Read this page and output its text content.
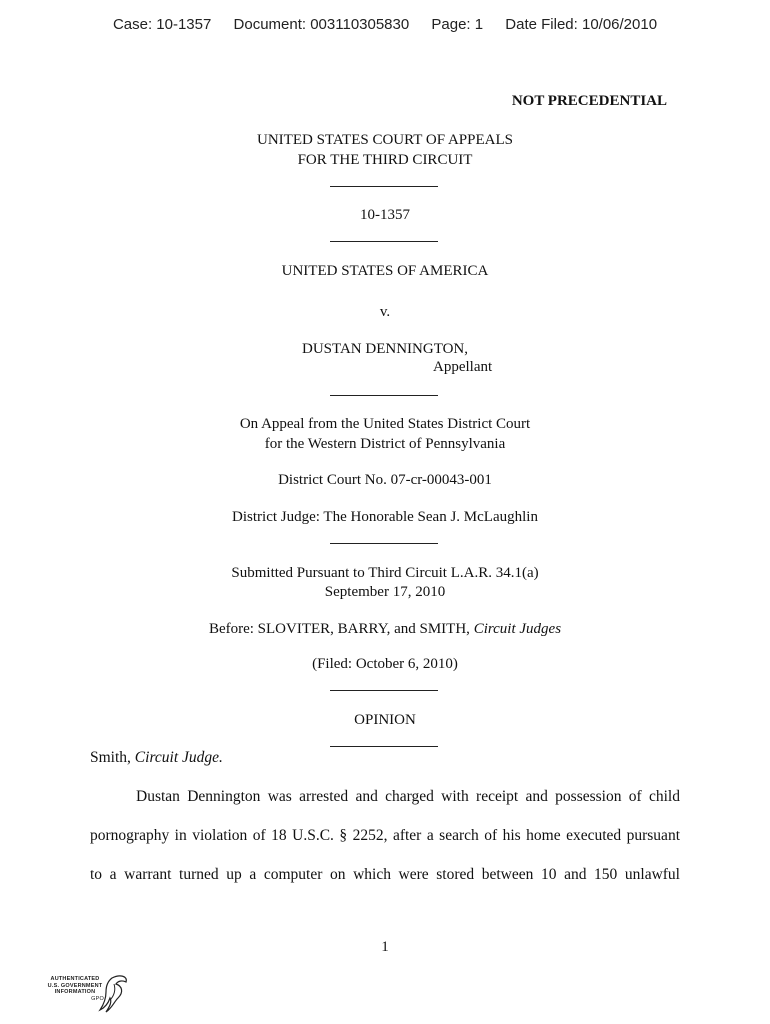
Case: 10-1357 Document: 003110305830 Page: 1 Date Filed: 10/06/2010
NOT PRECEDENTIAL
UNITED STATES COURT OF APPEALS
FOR THE THIRD CIRCUIT
10-1357
UNITED STATES OF AMERICA
v.
DUSTAN DENNINGTON,
Appellant
On Appeal from the United States District Court
for the Western District of Pennsylvania
District Court No. 07-cr-00043-001
District Judge: The Honorable Sean J. McLaughlin
Submitted Pursuant to Third Circuit L.A.R. 34.1(a)
September 17, 2010
Before: SLOVITER, BARRY, and SMITH, Circuit Judges
(Filed: October 6, 2010)
OPINION
Smith, Circuit Judge.
Dustan Dennington was arrested and charged with receipt and possession of child
pornography in violation of 18 U.S.C. § 2252, after a search of his home executed pursuant
to a warrant turned up a computer on which were stored between 10 and 150 unlawful
1
AUTHENTICATED
U.S. GOVERNMENT
INFORMATION
GPO
